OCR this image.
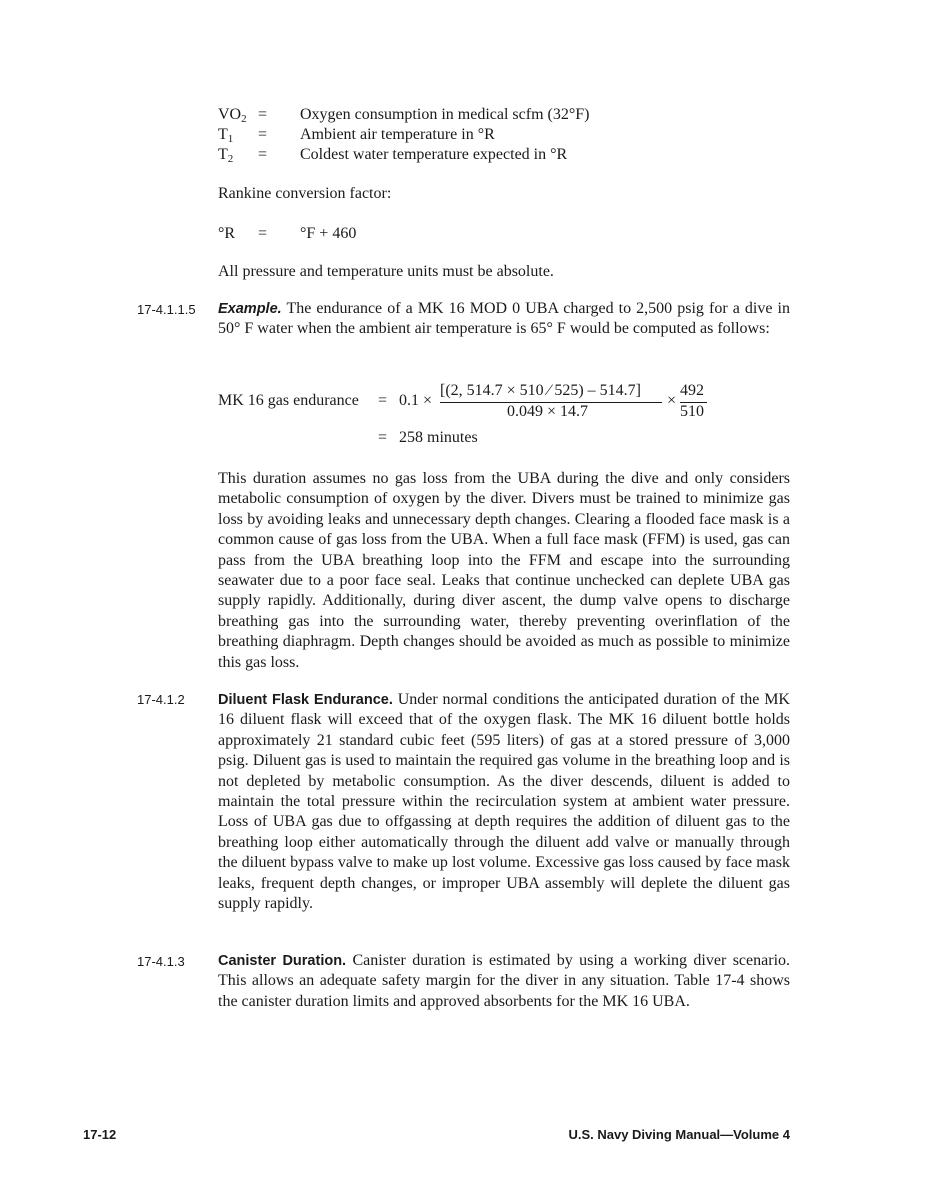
$VO_2$ =	Oxygen consumption in medical scfm (32°F)
$T_1$	=	Ambient air temperature in °R
$T_2$	=	Coldest water temperature expected in °R
Rankine conversion factor:
°R	=	°F + 460
All pressure and temperature units must be absolute.
17-4.1.1.5 Example. The endurance of a MK 16 MOD 0 UBA charged to 2,500 psig for a dive in 50° F water when the ambient air temperature is 65° F would be computed as follows:
MK 16 gas endurance = 0.1 ×
[(2, 514.7 × 510 ⁄ 525) – 514.7]
0.049 × 14.7
×
492
510
= 258 minutes
This duration assumes no gas loss from the UBA during the dive and only considers metabolic consumption of oxygen by the diver. Divers must be trained to minimize gas loss by avoiding leaks and unnecessary depth changes. Clearing a flooded face mask is a common cause of gas loss from the UBA. When a full face mask (FFM) is used, gas can pass from the UBA breathing loop into the FFM and escape into the surrounding seawater due to a poor face seal. Leaks that continue unchecked can deplete UBA gas supply rapidly. Additionally, during diver ascent, the dump valve opens to discharge breathing gas into the surrounding water, thereby preventing overinflation of the breathing diaphragm. Depth changes should be avoided as much as possible to minimize this gas loss.
17-4.1.2 Diluent Flask Endurance. Under normal conditions the anticipated duration of the MK 16 diluent flask will exceed that of the oxygen flask. The MK 16 diluent bottle holds approximately 21 standard cubic feet (595 liters) of gas at a stored pressure of 3,000 psig. Diluent gas is used to maintain the required gas volume in the breathing loop and is not depleted by metabolic consumption. As the diver descends, diluent is added to maintain the total pressure within the recirculation system at ambient water pressure. Loss of UBA gas due to offgassing at depth requires the addition of diluent gas to the breathing loop either automatically through the diluent add valve or manually through the diluent bypass valve to make up lost volume. Excessive gas loss caused by face mask leaks, frequent depth changes, or improper UBA assembly will deplete the diluent gas supply rapidly.
17-4.1.3 Canister Duration. Canister duration is estimated by using a working diver scenario. This allows an adequate safety margin for the diver in any situation. Table 17-4 shows the canister duration limits and approved absorbents for the MK 16 UBA.
17-12	U.S. Navy Diving Manual—Volume 4
